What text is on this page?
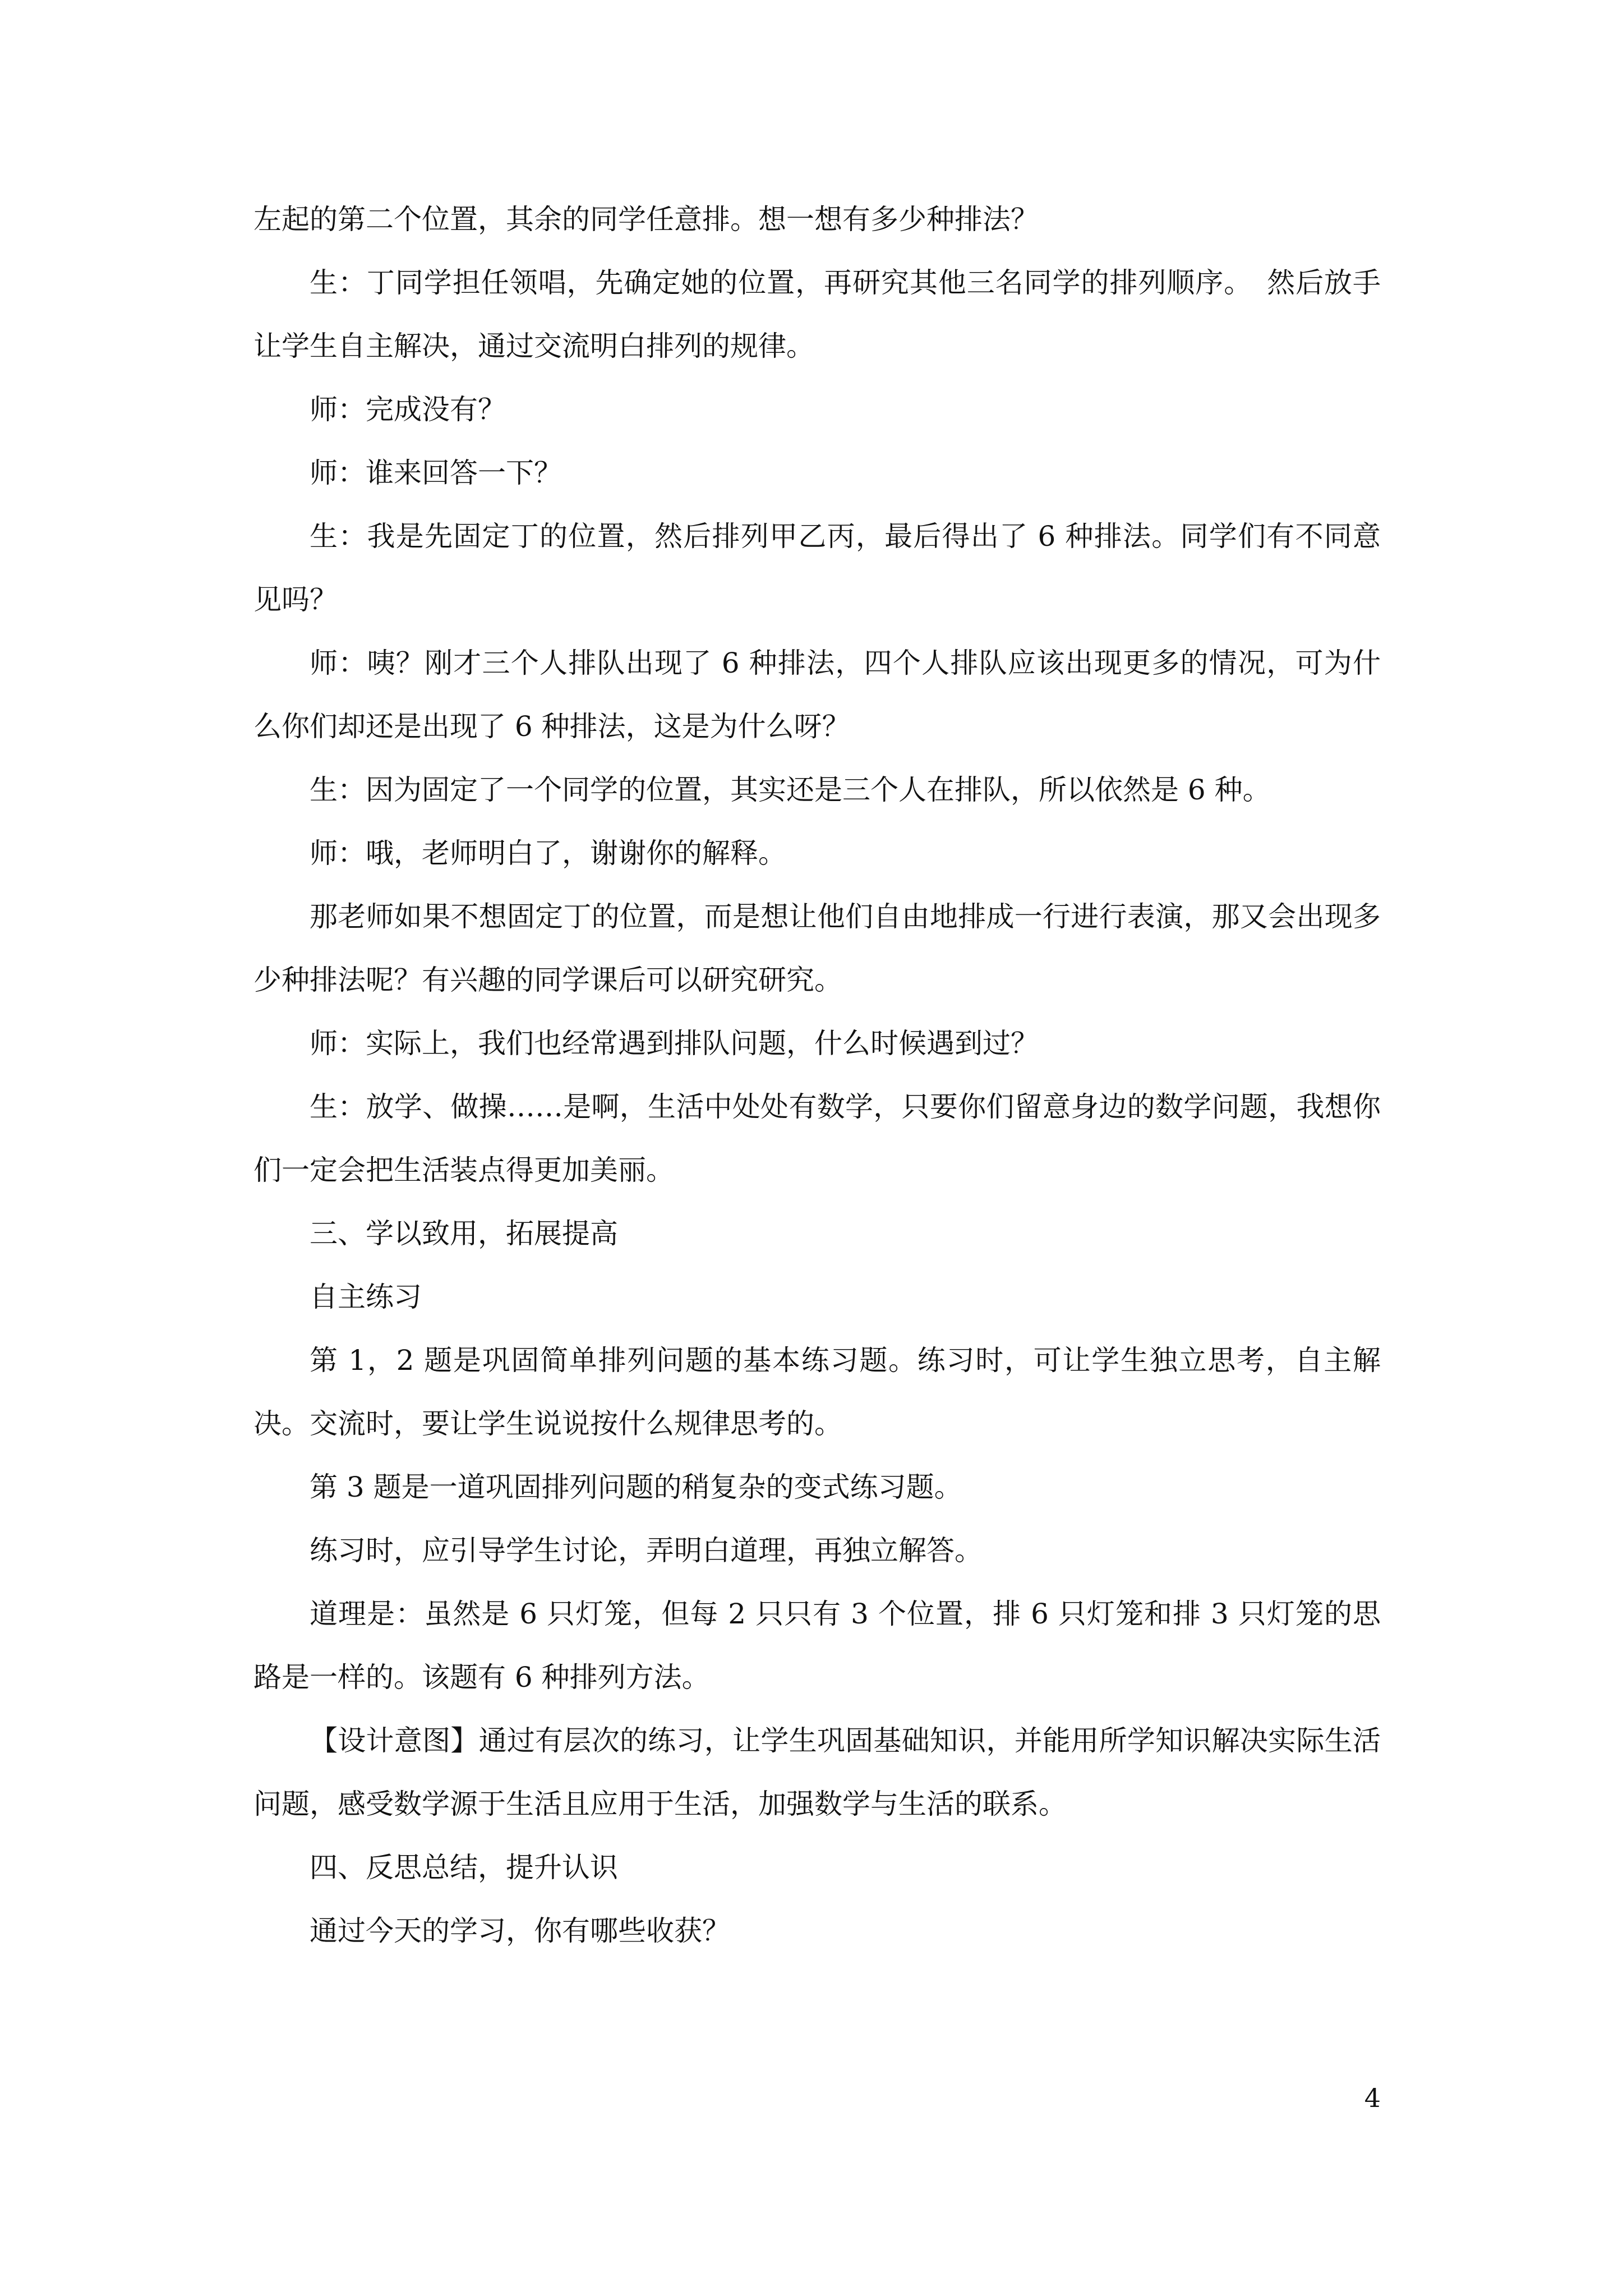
左起的第二个位置，其余的同学任意排。想一想有多少种排法？

生：丁同学担任领唱，先确定她的位置，再研究其他三名同学的排列顺序。　然后放手让学生自主解决，通过交流明白排列的规律。

师：完成没有？

师：谁来回答一下？

生：我是先固定丁的位置，然后排列甲乙丙，最后得出了 6 种排法。同学们有不同意见吗？

师：咦？刚才三个人排队出现了 6 种排法，四个人排队应该出现更多的情况，可为什么你们却还是出现了 6 种排法，这是为什么呀？

生：因为固定了一个同学的位置，其实还是三个人在排队，所以依然是 6 种。

师：哦，老师明白了，谢谢你的解释。

那老师如果不想固定丁的位置，而是想让他们自由地排成一行进行表演，那又会出现多少种排法呢？有兴趣的同学课后可以研究研究。

师：实际上，我们也经常遇到排队问题，什么时候遇到过？

生：放学、做操……是啊，生活中处处有数学，只要你们留意身边的数学问题，我想你们一定会把生活装点得更加美丽。

三、学以致用，拓展提高

自主练习

第 1，2 题是巩固简单排列问题的基本练习题。练习时，可让学生独立思考，自主解决。交流时，要让学生说说按什么规律思考的。

第 3 题是一道巩固排列问题的稍复杂的变式练习题。

练习时，应引导学生讨论，弄明白道理，再独立解答。

道理是：虽然是 6 只灯笼，但每 2 只只有 3 个位置，排 6 只灯笼和排 3 只灯笼的思路是一样的。该题有 6 种排列方法。

【设计意图】通过有层次的练习，让学生巩固基础知识，并能用所学知识解决实际生活问题，感受数学源于生活且应用于生活，加强数学与生活的联系。

四、反思总结，提升认识

通过今天的学习，你有哪些收获？

4
